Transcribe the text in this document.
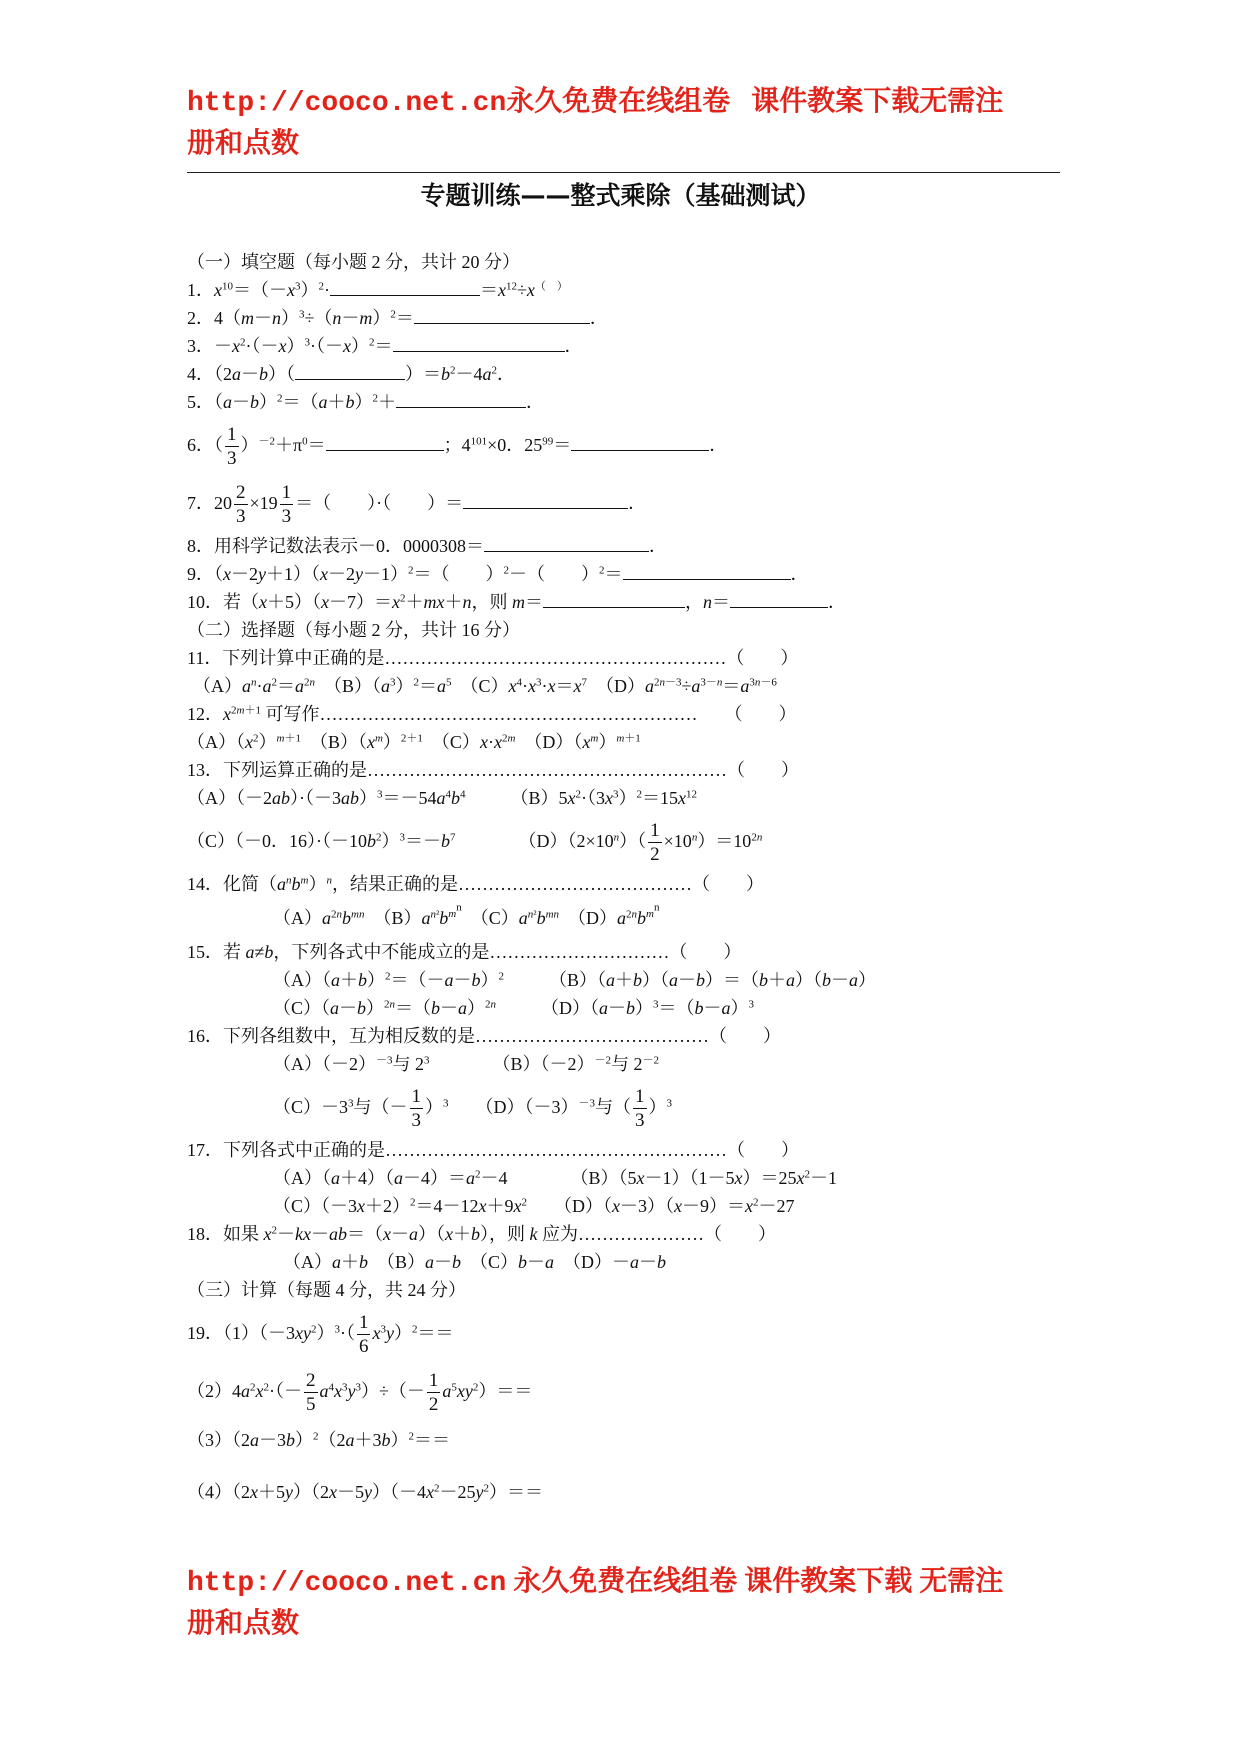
http://cooco.net.cn永久免费在线组卷 课件教案下载无需注
册和点数
专题训练——整式乘除（基础测试）
（一）填空题（每小题 2 分，共计 20 分）
1．$x^{10}=(-x^3)^2\cdot$	$=x^{12}\div x^{( )}$
2．$4(m-n)^3\div(n-m)^2=$	．
3．$-x^2\cdot(-x)^3\cdot(-x)^2=$	．
4．（2a－b）（	）$=b^2-4a^2$．
5．$(a-b)^2=(a+b)^2+$	．
6．（ $\frac{1}{3} )^{-2}+\pi^0=$	；$4^{101}\times 0$．$25^{99}=$	．
7．$20 \frac{2}{3} \times 19 \frac{1}{3}$ ＝（　　）·（　　）＝	．
8．用科学记数法表示－0．0000308＝	．
9．$(x-2y+1)(x-2y-1)^2=$（　　）$^2$－（　　）$^2$＝	．
10．若$(x+5)(x-7)=x^2+mx+n$，则 m＝	，n＝	．
（二）选择题（每小题 2 分，共计 16 分）
11．下列计算中正确的是…………………………………………………（　　）
$(A)a^n\cdot a^2=a^{2n}$　$(B)(a^3)^2=a^5$　$(C)x^4\cdot x^3\cdot x=x^7$　$(D)a^{2n-3}\div a^{3-n}=a^{3n-6}$
12．$x^{2m+1}$ 可写作………………………………………………………　　（　　）
$(A)(x^2)^{m+1}$　$(B)(x^m)^{2+1}$　$(C)x\cdot x^{2m}$　$(D)(x^m)^{m+1}$
13．下列运算正确的是……………………………………………………（　　）
$(A)(-2ab)\cdot(-3ab)^3=-54a^4b^4$　　　$(B)5x^2\cdot(3x^3)^2=15x^{12}$
（C）（－0．$16)\cdot(-10b^2)^3=-b^7$　　　　$(D)(2\times 10^n)( \frac{1}{2} \times 10^n)=10^{2n}$
14．化简$(a^nb^m)^n$，结果正确的是…………………………………（　　）
$(A)a^{2n}b^{mn}$　$(B)a^{n^2}b^{m^n}$　$(C)a^{n^2}b^{mn}$　$(D)a^{2n}b^{m^n}$
15．若 a≠b，下列各式中不能成立的是…………………………（　　）
$(A)(a+b)^2=(-a-b)^2$　　　（B）（a＋b）（a－b）＝（b＋a）（b－a）
$(C)(a-b)^{2n}=(b-a)^{2n}$　　　$(D)(a-b)^3=(b-a)^3$
16．下列各组数中，互为相反数的是…………………………………（　　）
$(A)(-2)^{-3}$与 $2^3$　　　　$(B)(-2)^{-2}$与 $2^{-2}$
$(C)-3^3$与（－ $\frac{1}{3} )^3$　　$(D)(-3)^{-3}$与（ $\frac{1}{3} )^3$
17．下列各式中正确的是…………………………………………………（　　）
$(A)(a+4)(a-4)=a^2-4$　　　　$(B)(5x-1)(1-5x)=25x^2-1$
$(C)(-3x+2)^2=4-12x+9x^2$　　$(D)(x-3)(x-9)=x^2-27$
18．如果 $x^2-kx-ab=(x-a)(x+b)$，则 k 应为…………………（　　）
（A）a＋b　（B）a－b　（C）b－a　（D）－a－b
（三）计算（每题 4 分，共 24 分）
19．$(1)(-3xy^2)^3\cdot( \frac{1}{6} x^3y)^2==$
$(2)4a^2x^2\cdot(- \frac{2}{5} a^4x^3y^3)\div(- \frac{1}{2} a^5xy^2)==$
$(3)(2a-3b)^2(2a+3b)^2==$
$(4)(2x+5y)(2x-5y)(-4x^2-25y^2)==$
http://cooco.net.cn 永久免费在线组卷 课件教案下载 无需注
册和点数
